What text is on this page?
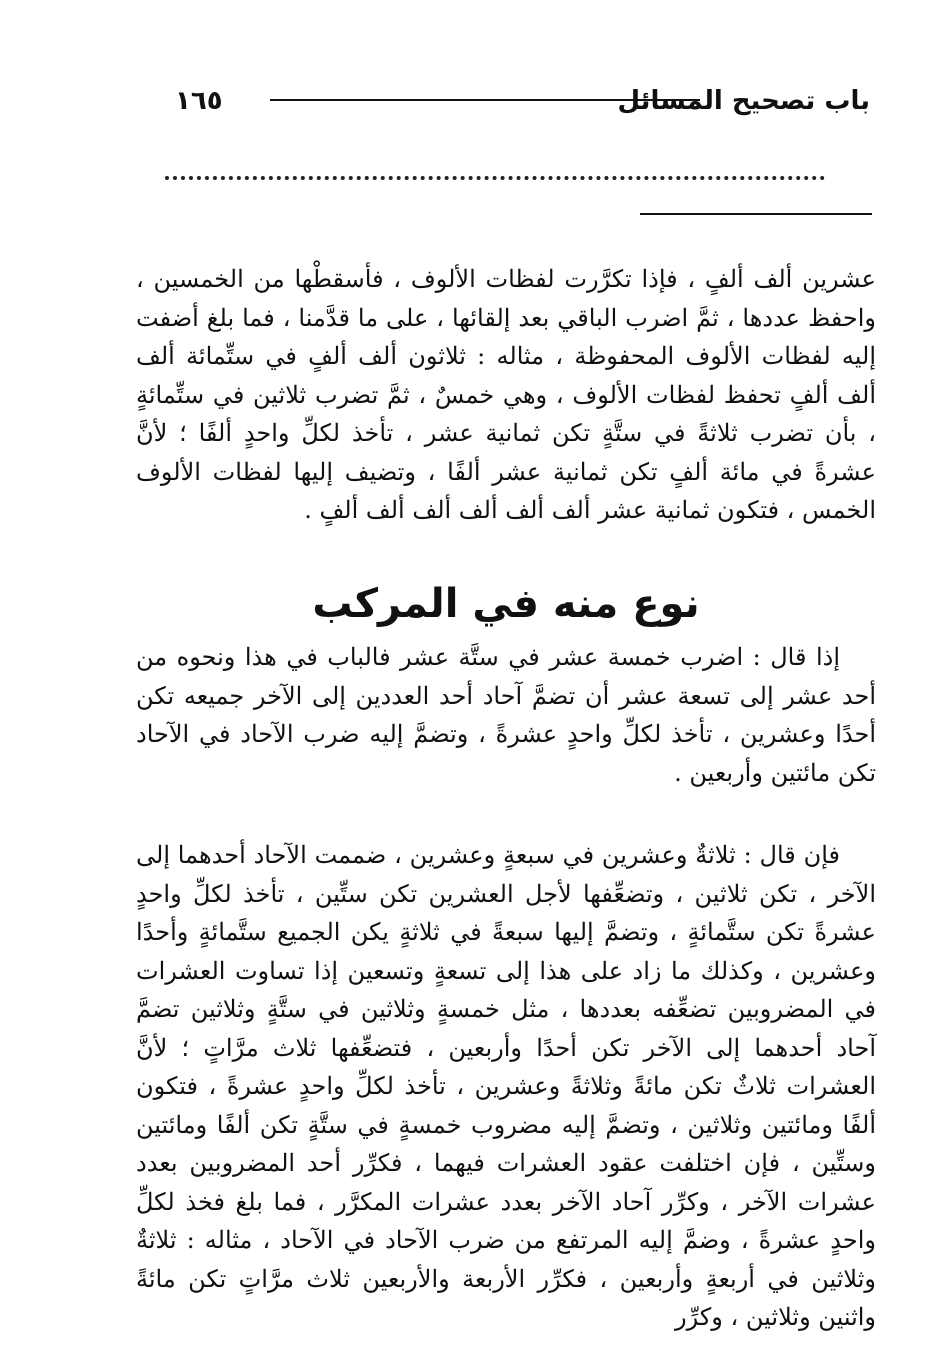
باب تصحيح المسائل
١٦٥

عشرين ألف ألفٍ ، فإذا تكرَّرت لفظات الألوف ، فأسقطْها من الخمسين ، واحفظ عددها ، ثمَّ اضرب الباقي بعد إلقائها ، على ما قدَّمنا ، فما بلغ أضفت إليه لفظات الألوف المحفوظة ، مثاله : ثلاثون ألف ألفٍ في ستِّمائة ألف ألف ألفٍ تحفظ لفظات الألوف ، وهي خمسٌ ، ثمَّ تضرب ثلاثين في ستِّمائةٍ ، بأن تضرب ثلاثةً في ستَّةٍ تكن ثمانية عشر ، تأخذ لكلِّ واحدٍ ألفًا ؛ لأنَّ عشرةً في مائة ألفٍ تكن ثمانية عشر ألفًا ، وتضيف إليها لفظات الألوف الخمس ، فتكون ثمانية عشر ألف ألف ألف ألف ألف ألفٍ .

نوع منه في المركب

إذا قال : اضرب خمسة عشر في ستَّة عشر فالباب في هذا ونحوه من أحد عشر إلى تسعة عشر أن تضمَّ آحاد أحد العددين إلى الآخر جميعه تكن أحدًا وعشرين ، تأخذ لكلِّ واحدٍ عشرةً ، وتضمَّ إليه ضرب الآحاد في الآحاد تكن مائتين وأربعين .

فإن قال : ثلاثةٌ وعشرين في سبعةٍ وعشرين ، ضممت الآحاد أحدهما إلى الآخر ، تكن ثلاثين ، وتضعِّفها لأجل العشرين تكن ستِّين ، تأخذ لكلِّ واحدٍ عشرةً تكن ستَّمائةٍ ، وتضمَّ إليها سبعةً في ثلاثةٍ يكن الجميع ستَّمائةٍ وأحدًا وعشرين ، وكذلك ما زاد على هذا إلى تسعةٍ وتسعين إذا تساوت العشرات في المضروبين تضعِّفه بعددها ، مثل خمسةٍ وثلاثين في ستَّةٍ وثلاثين تضمَّ آحاد أحدهما إلى الآخر تكن أحدًا وأربعين ، فتضعِّفها ثلاث مرَّاتٍ ؛ لأنَّ العشرات ثلاثٌ تكن مائةً وثلاثةً وعشرين ، تأخذ لكلِّ واحدٍ عشرةً ، فتكون ألفًا ومائتين وثلاثين ، وتضمَّ إليه مضروب خمسةٍ في ستَّةٍ تكن ألفًا ومائتين وستِّين ، فإن اختلفت عقود العشرات فيهما ، فكرِّر أحد المضروبين بعدد عشرات الآخر ، وكرِّر آحاد الآخر بعدد عشرات المكرَّر ، فما بلغ فخذ لكلِّ واحدٍ عشرةً ، وضمَّ إليه المرتفع من ضرب الآحاد في الآحاد ، مثاله : ثلاثةٌ وثلاثين في أربعةٍ وأربعين ، فكرِّر الأربعة والأربعين ثلاث مرَّاتٍ تكن مائةً واثنين وثلاثين ، وكرِّر
